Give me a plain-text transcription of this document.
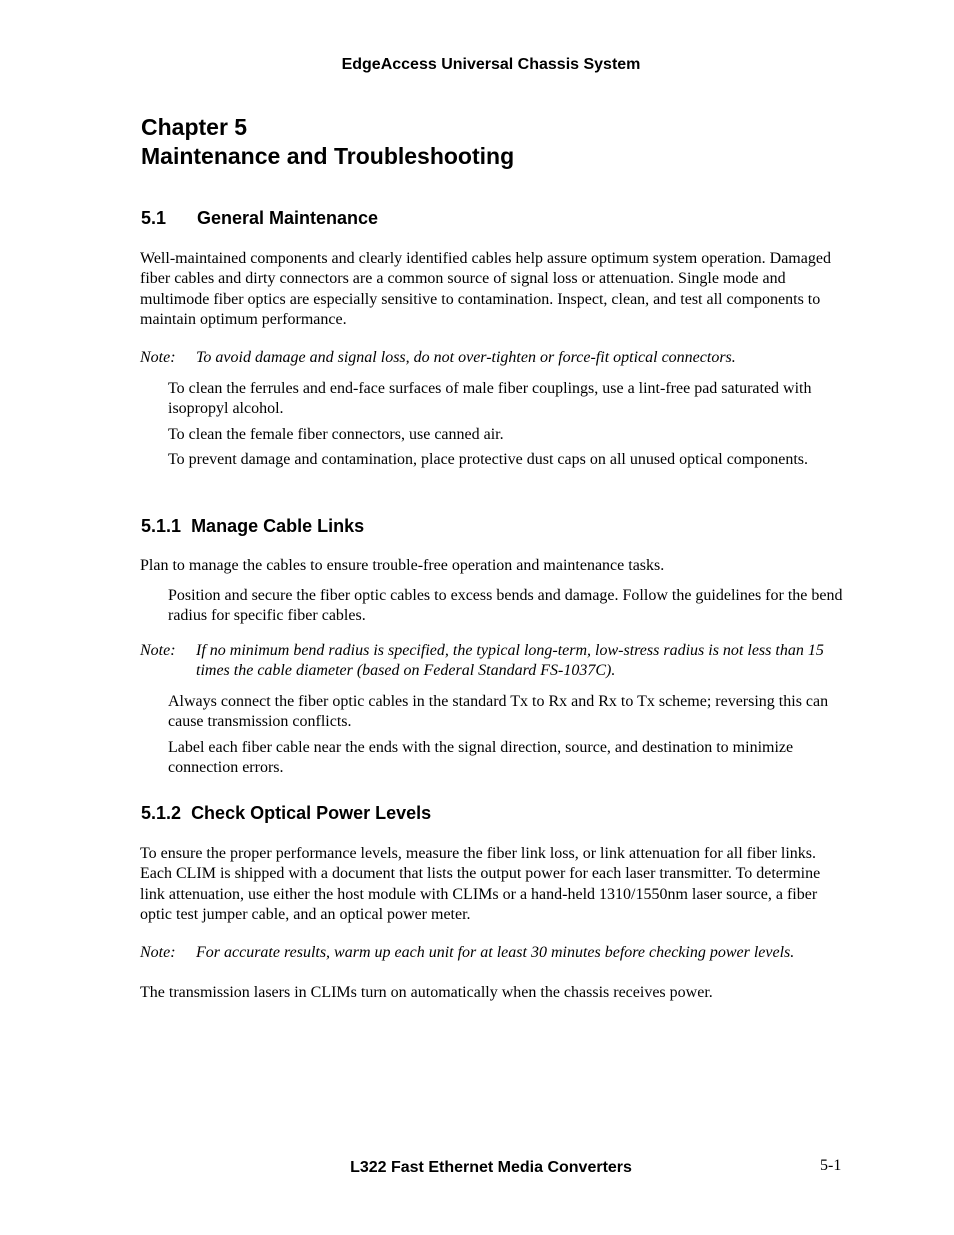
EdgeAccess Universal Chassis System
Chapter 5
Maintenance and Troubleshooting
5.1 General Maintenance

Well-maintained components and clearly identified cables help assure optimum system operation. Damaged fiber cables and dirty connectors are a common source of signal loss or attenuation. Single mode and multimode fiber optics are especially sensitive to contamination. Inspect, clean, and test all components to maintain optimum performance.

Note:	To avoid damage and signal loss, do not over-tighten or force-fit optical connectors.

To clean the ferrules and end-face surfaces of male fiber couplings, use a lint-free pad saturated with isopropyl alcohol.

To clean the female fiber connectors, use canned air.

To prevent damage and contamination, place protective dust caps on all unused optical components.

5.1.1 Manage Cable Links

Plan to manage the cables to ensure trouble-free operation and maintenance tasks.

Position and secure the fiber optic cables to excess bends and damage. Follow the guidelines for the bend radius for specific fiber cables.

Note:	If no minimum bend radius is specified, the typical long-term, low-stress radius is not less than 15 times the cable diameter (based on Federal Standard FS-1037C).

Always connect the fiber optic cables in the standard Tx to Rx and Rx to Tx scheme; reversing this can cause transmission conflicts.

Label each fiber cable near the ends with the signal direction, source, and destination to minimize connection errors.

5.1.2 Check Optical Power Levels

To ensure the proper performance levels, measure the fiber link loss, or link attenuation for all fiber links. Each CLIM is shipped with a document that lists the output power for each laser transmitter. To determine link attenuation, use either the host module with CLIMs or a hand-held 1310/1550nm laser source, a fiber optic test jumper cable, and an optical power meter.

Note:	For accurate results, warm up each unit for at least 30 minutes before checking power levels.

The transmission lasers in CLIMs turn on automatically when the chassis receives power.

L322 Fast Ethernet Media Converters	5-1
